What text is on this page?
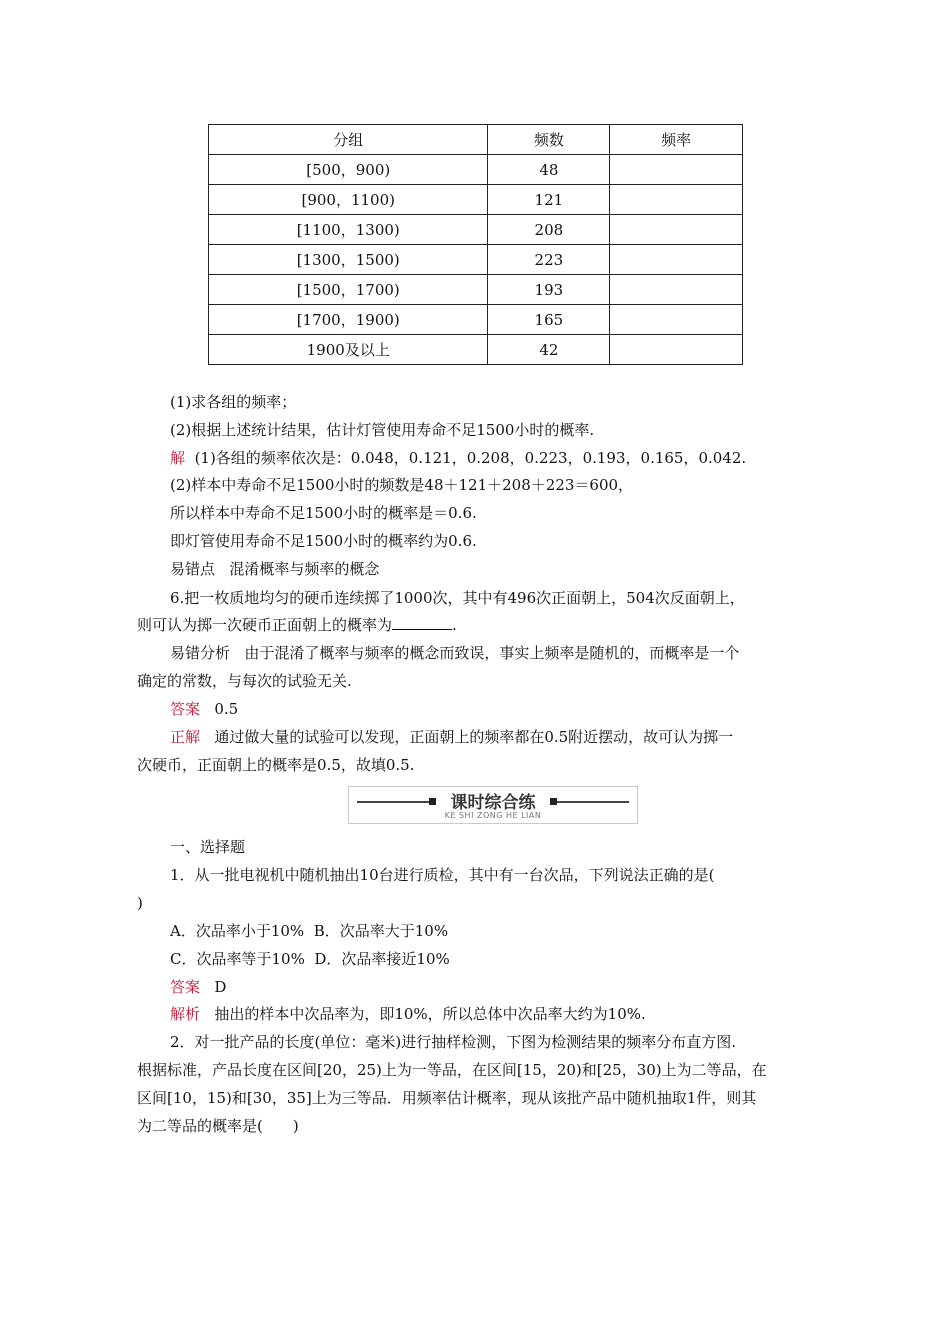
分组	频数	频率
[500，900)	48	
[900，1100)	121	
[1100，1300)	208	
[1300，1500)	223	
[1500，1700)	193	
[1700，1900)	165	
1900及以上	42	
(1)求各组的频率；
(2)根据上述统计结果，估计灯管使用寿命不足1500小时的概率.
解 (1)各组的频率依次是：0.048，0.121，0.208，0.223，0.193，0.165，0.042.
(2)样本中寿命不足1500小时的频数是48＋121＋208＋223＝600，
所以样本中寿命不足1500小时的概率是＝0.6.
即灯管使用寿命不足1500小时的概率约为0.6.
易错点 混淆概率与频率的概念
6.把一枚质地均匀的硬币连续掷了1000次，其中有496次正面朝上，504次反面朝上，
则可认为掷一次硬币正面朝上的概率为	.
易错分析 由于混淆了概率与频率的概念而致误，事实上频率是随机的，而概率是一个
确定的常数，与每次的试验无关.
答案 0.5
正解 通过做大量的试验可以发现，正面朝上的频率都在0.5附近摆动，故可认为掷一
次硬币，正面朝上的概率是0.5，故填0.5.
课时综合练
KE SHI ZONG HE LIAN
一、选择题
1．从一批电视机中随机抽出10台进行质检，其中有一台次品，下列说法正确的是(
)
A．次品率小于10% B．次品率大于10%
C．次品率等于10% D．次品率接近10%
答案 D
解析 抽出的样本中次品率为，即10%，所以总体中次品率大约为10%.
2．对一批产品的长度(单位：毫米)进行抽样检测，下图为检测结果的频率分布直方图.
根据标准，产品长度在区间[20，25)上为一等品，在区间[15，20)和[25，30)上为二等品，在
区间[10，15)和[30，35]上为三等品．用频率估计概率，现从该批产品中随机抽取1件，则其
为二等品的概率是(　　)
